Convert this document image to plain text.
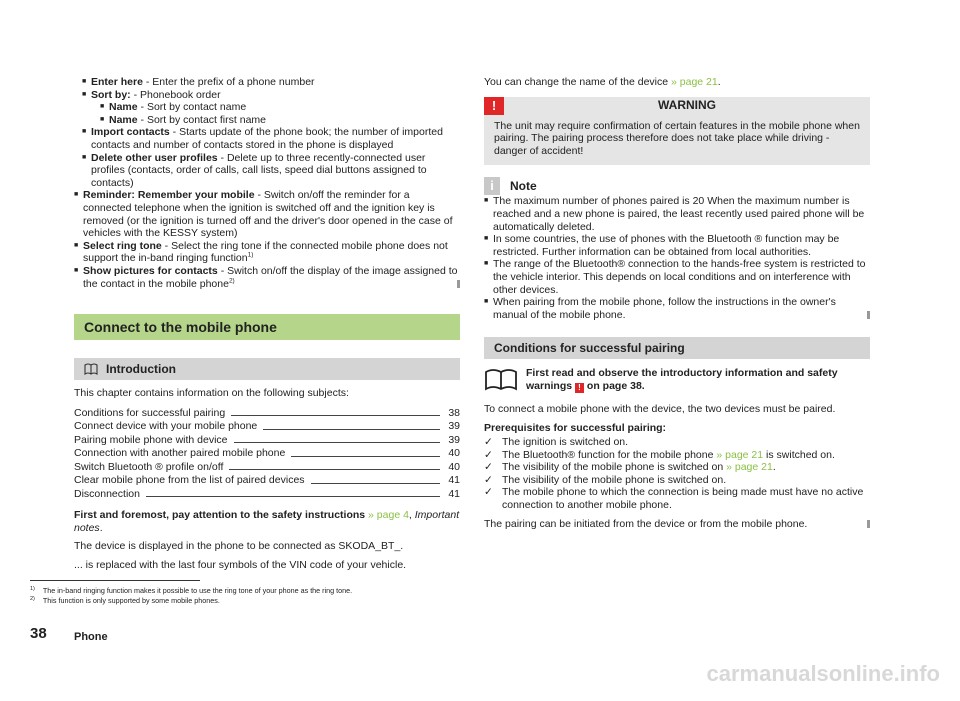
■ Enter here - Enter the prefix of a phone number
■ Sort by: - Phonebook order
■ Name - Sort by contact name
■ Name - Sort by contact first name
■ Import contacts - Starts update of the phone book; the number of imported contacts and number of contacts stored in the phone is displayed
■ Delete other user profiles - Delete up to three recently-connected user profiles (contacts, order of calls, call lists, speed dial buttons assigned to contacts)
■ Reminder: Remember your mobile - Switch on/off the reminder for a connected telephone when the ignition is switched off and the ignition key is removed (or the ignition is turned off and the driver's door opened in the case of vehicles with the KESSY system)
■ Select ring tone - Select the ring tone if the connected mobile phone does not support the in-band ringing function$^{1)}$
■ Show pictures for contacts - Switch on/off the display of the image assigned to the contact in the mobile phone$^{2)}$
Connect to the mobile phone
Introduction

This chapter contains information on the following subjects:

Conditions for successful pairing	38
Connect device with your mobile phone	39
Pairing mobile phone with device	39
Connection with another paired mobile phone	40
Switch Bluetooth ® profile on/off	40
Clear mobile phone from the list of paired devices	41
Disconnection	41

First and foremost, pay attention to the safety instructions » page 4, Important notes.

The device is displayed in the phone to be connected as SKODA_BT_.

... is replaced with the last four symbols of the VIN code of your vehicle.

You can change the name of the device » page 21.

!	WARNING
The unit may require confirmation of certain features in the mobile phone when pairing. The pairing process therefore does not take place while driving - danger of accident!
i	Note
■ The maximum number of phones paired is 20 When the maximum number is reached and a new phone is paired, the least recently used paired phone will be automatically deleted.
■ In some countries, the use of phones with the Bluetooth ® function may be restricted. Further information can be obtained from local authorities.
■ The range of the Bluetooth® connection to the hands-free system is restricted to the vehicle interior. This depends on local conditions and on interference with other devices.
■ When pairing from the mobile phone, follow the instructions in the owner's manual of the mobile phone.
Conditions for successful pairing
First read and observe the introductory information and safety warnings ! on page 38.

To connect a mobile phone with the device, the two devices must be paired.

Prerequisites for successful pairing:

✓ The ignition is switched on.
✓ The Bluetooth® function for the mobile phone » page 21 is switched on.
✓ The visibility of the mobile phone is switched on » page 21.
✓ The visibility of the mobile phone is switched on.
✓ The mobile phone to which the connection is being made must have no active connection to another mobile phone.

The pairing can be initiated from the device or from the mobile phone.

$^{1)}$ The in-band ringing function makes it possible to use the ring tone of your phone as the ring tone.
$^{2)}$ This function is only supported by some mobile phones.
38 Phone
carmanualsonline.info
